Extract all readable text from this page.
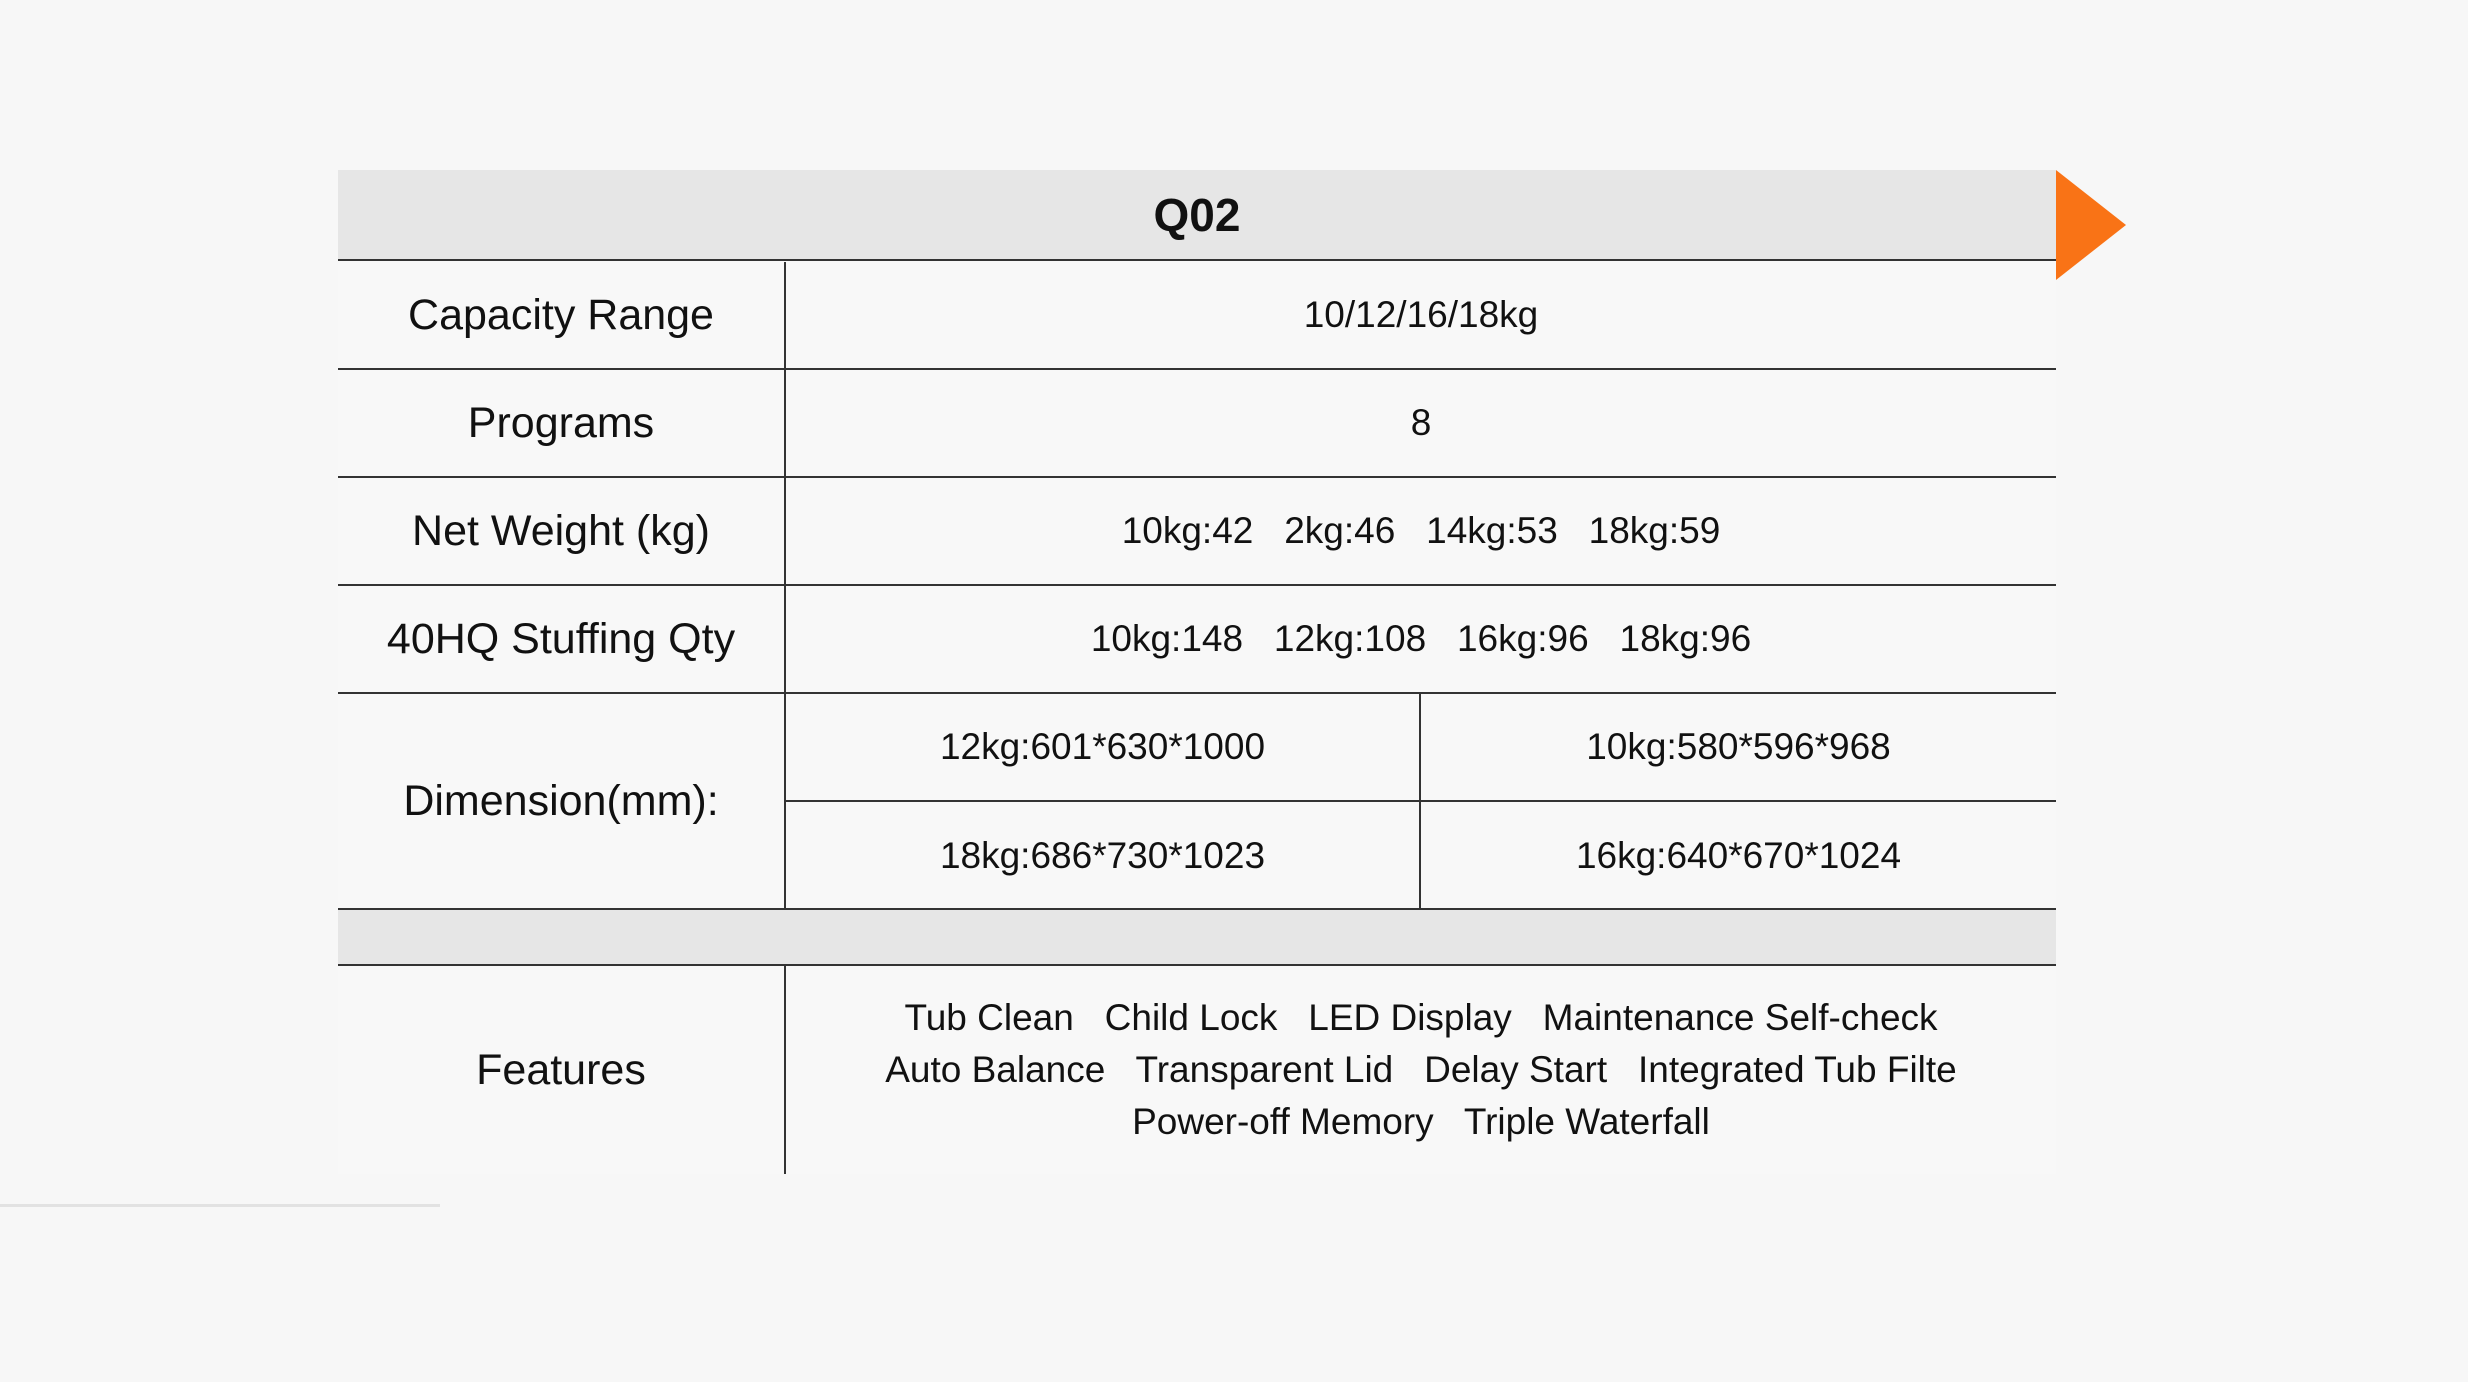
Q02
Capacity Range	10/12/16/18kg
Programs	8
Net Weight (kg)	10kg:42   2kg:46   14kg:53   18kg:59
40HQ Stuffing Qty	10kg:148   12kg:108   16kg:96   18kg:96
Dimension(mm):
12kg:601*630*1000	10kg:580*596*968
18kg:686*730*1023	16kg:640*670*1024
Features
Tub Clean   Child Lock   LED Display   Maintenance Self-check
Auto Balance   Transparent Lid   Delay Start   Integrated Tub Filte
Power-off Memory   Triple Waterfall
